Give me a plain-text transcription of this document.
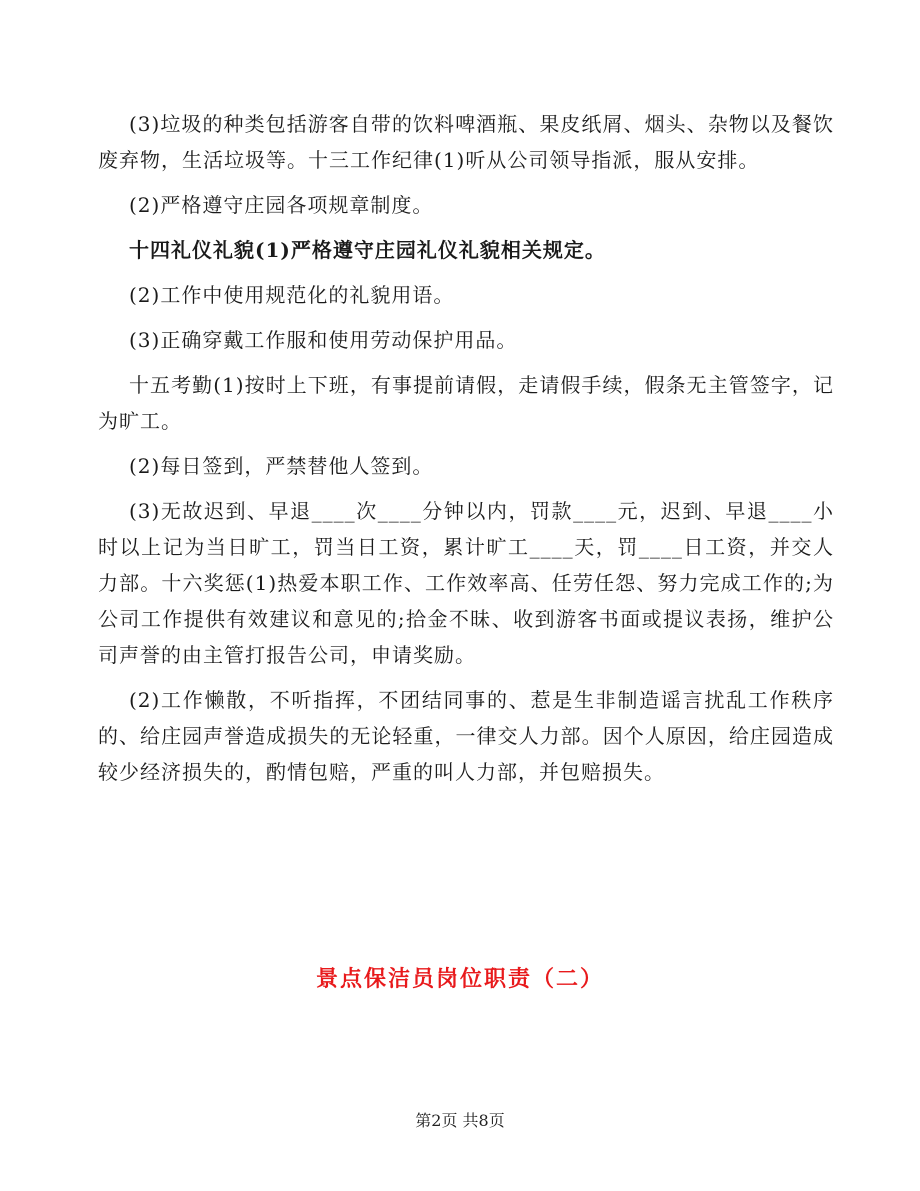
(3)垃圾的种类包括游客自带的饮料啤酒瓶、果皮纸屑、烟头、杂物以及餐饮废弃物，生活垃圾等。十三工作纪律(1)听从公司领导指派，服从安排。

(2)严格遵守庄园各项规章制度。

十四礼仪礼貌(1)严格遵守庄园礼仪礼貌相关规定。

(2)工作中使用规范化的礼貌用语。

(3)正确穿戴工作服和使用劳动保护用品。

十五考勤(1)按时上下班，有事提前请假，走请假手续，假条无主管签字，记为旷工。

(2)每日签到，严禁替他人签到。

(3)无故迟到、早退____次____分钟以内，罚款____元，迟到、早退____小时以上记为当日旷工，罚当日工资，累计旷工____天，罚____日工资，并交人力部。十六奖惩(1)热爱本职工作、工作效率高、任劳任怨、努力完成工作的;为公司工作提供有效建议和意见的;拾金不昧、收到游客书面或提议表扬，维护公司声誉的由主管打报告公司，申请奖励。

(2)工作懒散，不听指挥，不团结同事的、惹是生非制造谣言扰乱工作秩序的、给庄园声誉造成损失的无论轻重，一律交人力部。因个人原因，给庄园造成较少经济损失的，酌情包赔，严重的叫人力部，并包赔损失。

景点保洁员岗位职责（二）
第2页 共8页
